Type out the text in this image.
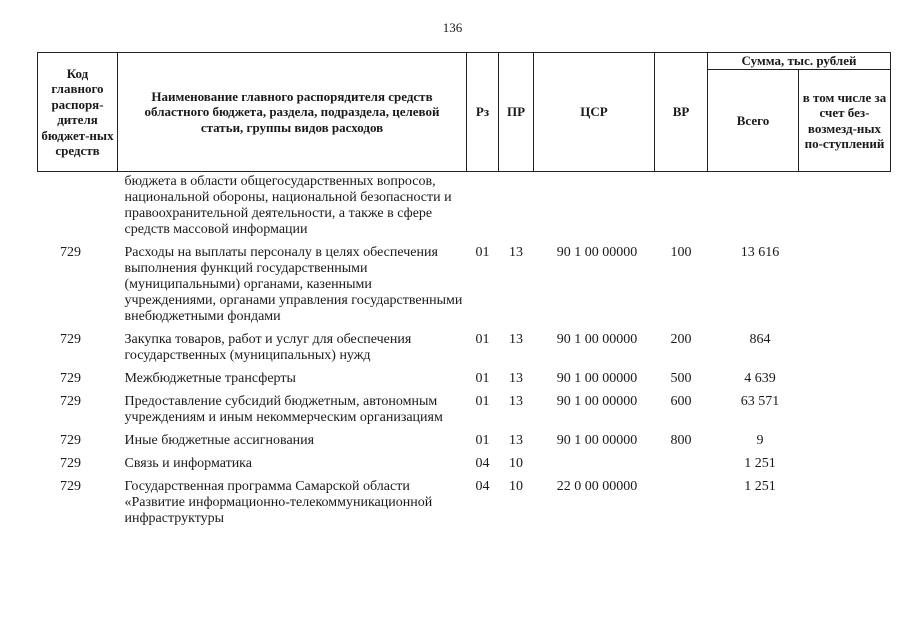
136
Код главного распоря-дителя бюджет-ных средств	Наименование главного распорядителя средств областного бюджета, раздела, подраздела, целевой статьи, группы видов расходов	Рз	ПР	ЦСР	ВР	Сумма, тыс. рублей	
						Всего	в том числе за счет без-возмезд-ных по-ступлений
	бюджета в области общегосударственных вопросов, национальной обороны, национальной безопасности и правоохранительной деятельности, а также в сфере средств массовой информации						
729	Расходы на выплаты персоналу в целях обеспечения выполнения функций государственными (муниципальными) органами, казенными учреждениями, органами управления государственными внебюджетными фондами	01	13	90 1 00 00000	100	13 616	
729	Закупка товаров, работ и услуг для обеспечения государственных (муниципальных) нужд	01	13	90 1 00 00000	200	864	
729	Межбюджетные трансферты	01	13	90 1 00 00000	500	4 639	
729	Предоставление субсидий бюджетным, автономным учреждениям и иным некоммерческим организациям	01	13	90 1 00 00000	600	63 571	
729	Иные бюджетные ассигнования	01	13	90 1 00 00000	800	9	
729	Связь и информатика	04	10			1 251	
729	Государственная программа Самарской области «Развитие информационно-телекоммуникационной инфраструктуры	04	10	22 0 00 00000		1 251	
